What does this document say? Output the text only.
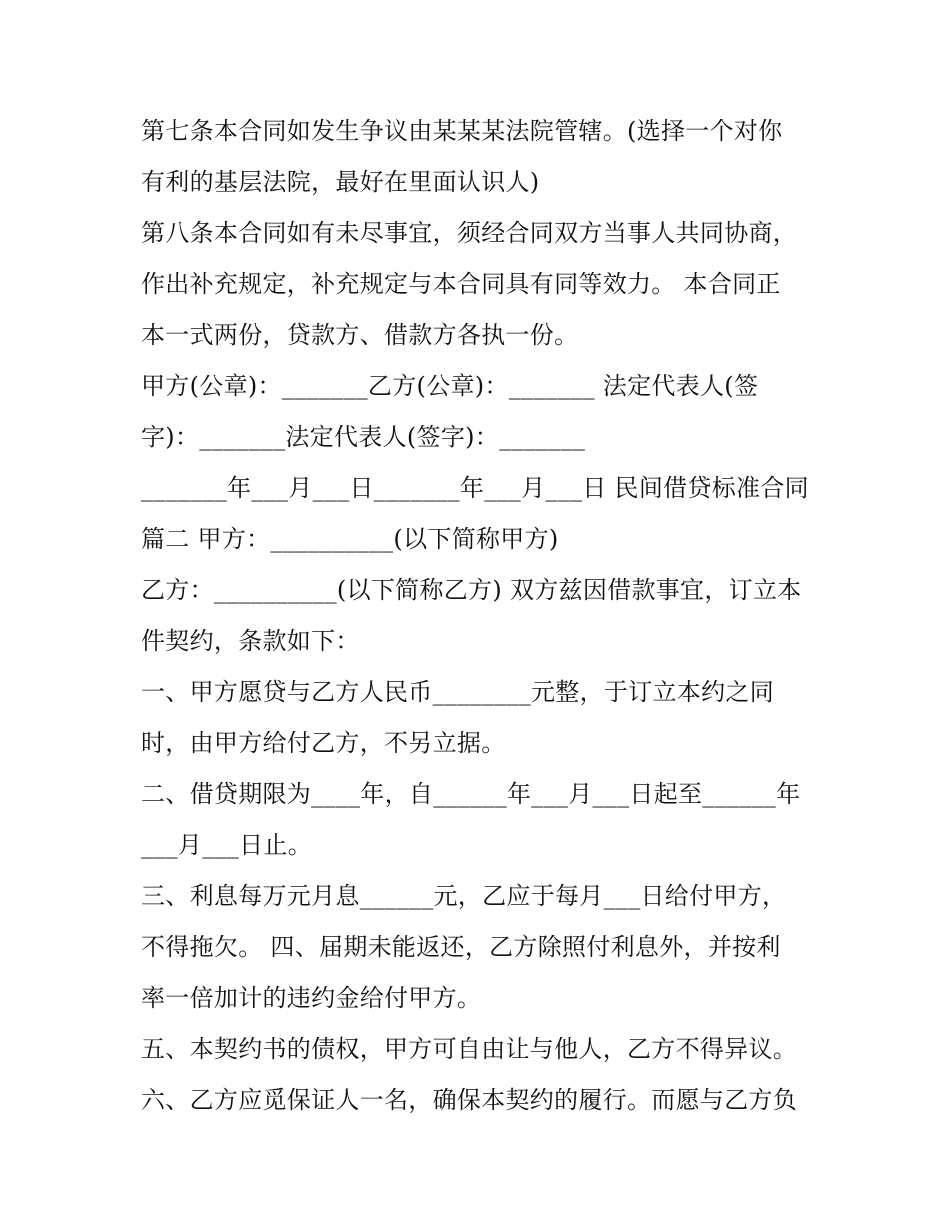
第七条本合同如发生争议由某某某法院管辖。(选择一个对你
有利的基层法院，最好在里面认识人)
第八条本合同如有未尽事宜，须经合同双方当事人共同协商，
作出补充规定，补充规定与本合同具有同等效力。 本合同正
本一式两份，贷款方、借款方各执一份。
甲方(公章)：_______乙方(公章)：_______ 法定代表人(签
字)：_______法定代表人(签字)：_______
_______年___月___日_______年___月___日 民间借贷标准合同
篇二 甲方：__________(以下简称甲方)
乙方：__________(以下简称乙方) 双方兹因借款事宜，订立本
件契约，条款如下：
一、甲方愿贷与乙方人民币________元整，于订立本约之同
时，由甲方给付乙方，不另立据。
二、借贷期限为____年，自______年___月___日起至______年
___月___日止。
三、利息每万元月息______元，乙应于每月___日给付甲方，
不得拖欠。 四、届期未能返还，乙方除照付利息外，并按利
率一倍加计的违约金给付甲方。
五、本契约书的债权，甲方可自由让与他人，乙方不得异议。
六、乙方应觅保证人一名，确保本契约的履行。而愿与乙方负
